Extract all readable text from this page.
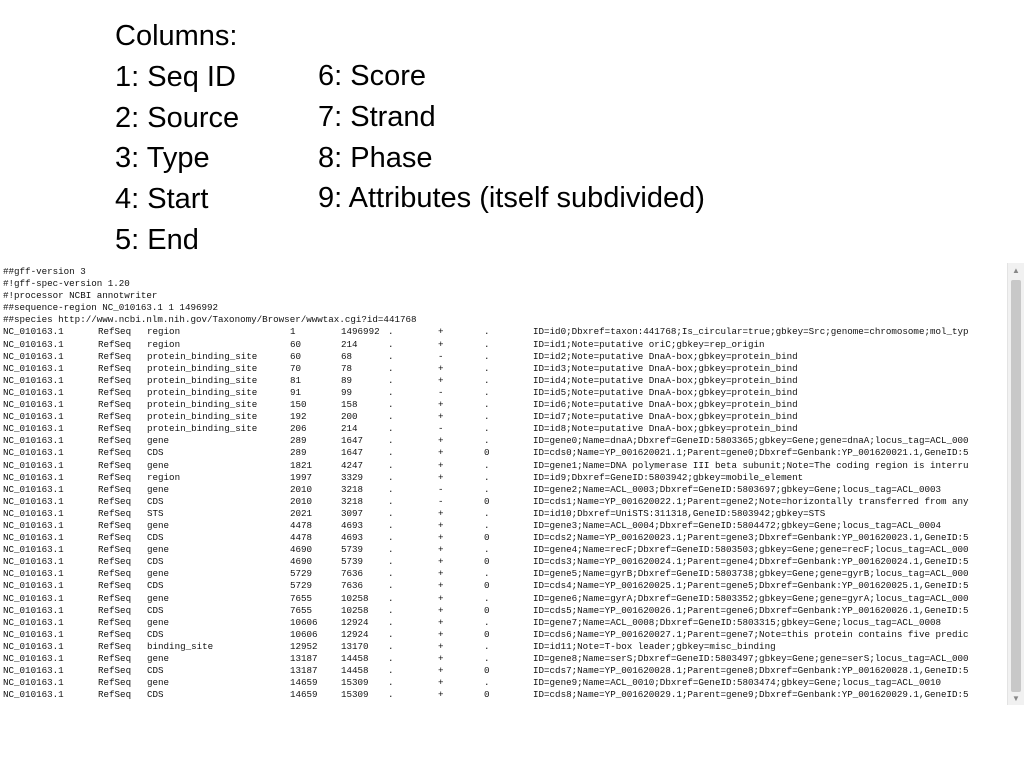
Columns:
1: Seq ID
2: Source
3: Type
4: Start
5: End
6: Score
7: Strand
8: Phase
9: Attributes (itself subdivided)
##gff-version 3
#!gff-spec-version 1.20
#!processor NCBI annotwriter
##sequence-region NC_010163.1 1 1496992
##species http://www.ncbi.nlm.nih.gov/Taxonomy/Browser/wwwtax.cgi?id=441768
NC_010163.1	RefSeq region	1	1496992 .	+	.	ID=id0;Dbxref=taxon:441768;Is_circular=true;gbkey=Src;genome=chromosome;mol_typ
NC_010163.1	RefSeq region	60	214	.	+	.	ID=id1;Note=putative oriC;gbkey=rep_origin
NC_010163.1	RefSeq protein_binding_site	60	68	.	-	.	ID=id2;Note=putative DnaA-box;gbkey=protein_bind
NC_010163.1	RefSeq protein_binding_site	70	78	.	+	.	ID=id3;Note=putative DnaA-box;gbkey=protein_bind
NC_010163.1	RefSeq protein_binding_site	81	89	.	+	.	ID=id4;Note=putative DnaA-box;gbkey=protein_bind
NC_010163.1	RefSeq protein_binding_site	91	99	.	-	.	ID=id5;Note=putative DnaA-box;gbkey=protein_bind
NC_010163.1	RefSeq protein_binding_site	150	158	.	+	.	ID=id6;Note=putative DnaA-box;gbkey=protein_bind
NC_010163.1	RefSeq protein_binding_site	192	200	.	+	.	ID=id7;Note=putative DnaA-box;gbkey=protein_bind
NC_010163.1	RefSeq protein_binding_site	206	214	.	-	.	ID=id8;Note=putative DnaA-box;gbkey=protein_bind
NC_010163.1	RefSeq gene	289	1647	.	+	.	ID=gene0;Name=dnaA;Dbxref=GeneID:5803365;gbkey=Gene;gene=dnaA;locus_tag=ACL_000
NC_010163.1	RefSeq CDS	289	1647	.	+	0	ID=cds0;Name=YP_001620021.1;Parent=gene0;Dbxref=Genbank:YP_001620021.1,GeneID:5
NC_010163.1	RefSeq gene	1821	4247	.	+	.	ID=gene1;Name=DNA polymerase III beta subunit;Note=The coding region is interru
NC_010163.1	RefSeq region	1997	3329	.	+	.	ID=id9;Dbxref=GeneID:5803942;gbkey=mobile_element
NC_010163.1	RefSeq gene	2010	3218	.	-	.	ID=gene2;Name=ACL_0003;Dbxref=GeneID:5803697;gbkey=Gene;locus_tag=ACL_0003
NC_010163.1	RefSeq CDS	2010	3218	.	-	0	ID=cds1;Name=YP_001620022.1;Parent=gene2;Note=horizontally transferred from any
NC_010163.1	RefSeq STS	2021	3097	.	+	.	ID=id10;Dbxref=UniSTS:311318,GeneID:5803942;gbkey=STS
NC_010163.1	RefSeq gene	4478	4693	.	+	.	ID=gene3;Name=ACL_0004;Dbxref=GeneID:5804472;gbkey=Gene;locus_tag=ACL_0004
NC_010163.1	RefSeq CDS	4478	4693	.	+	0	ID=cds2;Name=YP_001620023.1;Parent=gene3;Dbxref=Genbank:YP_001620023.1,GeneID:5
NC_010163.1	RefSeq gene	4690	5739	.	+	.	ID=gene4;Name=recF;Dbxref=GeneID:5803503;gbkey=Gene;gene=recF;locus_tag=ACL_000
NC_010163.1	RefSeq CDS	4690	5739	.	+	0	ID=cds3;Name=YP_001620024.1;Parent=gene4;Dbxref=Genbank:YP_001620024.1,GeneID:5
NC_010163.1	RefSeq gene	5729	7636	.	+	.	ID=gene5;Name=gyrB;Dbxref=GeneID:5803738;gbkey=Gene;gene=gyrB;locus_tag=ACL_000
NC_010163.1	RefSeq CDS	5729	7636	.	+	0	ID=cds4;Name=YP_001620025.1;Parent=gene5;Dbxref=Genbank:YP_001620025.1,GeneID:5
NC_010163.1	RefSeq gene	7655	10258 .	+	.	ID=gene6;Name=gyrA;Dbxref=GeneID:5803352;gbkey=Gene;gene=gyrA;locus_tag=ACL_000
NC_010163.1	RefSeq CDS	7655	10258 .	+	0	ID=cds5;Name=YP_001620026.1;Parent=gene6;Dbxref=Genbank:YP_001620026.1,GeneID:5
NC_010163.1	RefSeq gene	10606	12924 .	+	.	ID=gene7;Name=ACL_0008;Dbxref=GeneID:5803315;gbkey=Gene;locus_tag=ACL_0008
NC_010163.1	RefSeq CDS	10606	12924 .	+	0	ID=cds6;Name=YP_001620027.1;Parent=gene7;Note=this protein contains five predic
NC_010163.1	RefSeq binding_site	12952	13170 .	+	.	ID=id11;Note=T-box leader;gbkey=misc_binding
NC_010163.1	RefSeq gene	13187	14458 .	+	.	ID=gene8;Name=serS;Dbxref=GeneID:5803497;gbkey=Gene;gene=serS;locus_tag=ACL_000
NC_010163.1	RefSeq CDS	13187	14458 .	+	0	ID=cds7;Name=YP_001620028.1;Parent=gene8;Dbxref=Genbank:YP_001620028.1,GeneID:5
NC_010163.1	RefSeq gene	14659	15309 .	+	.	ID=gene9;Name=ACL_0010;Dbxref=GeneID:5803474;gbkey=Gene;locus_tag=ACL_0010
NC_010163.1	RefSeq CDS	14659	15309 .	+	0	ID=cds8;Name=YP_001620029.1;Parent=gene9;Dbxref=Genbank:YP_001620029.1,GeneID:5
▲
▼
